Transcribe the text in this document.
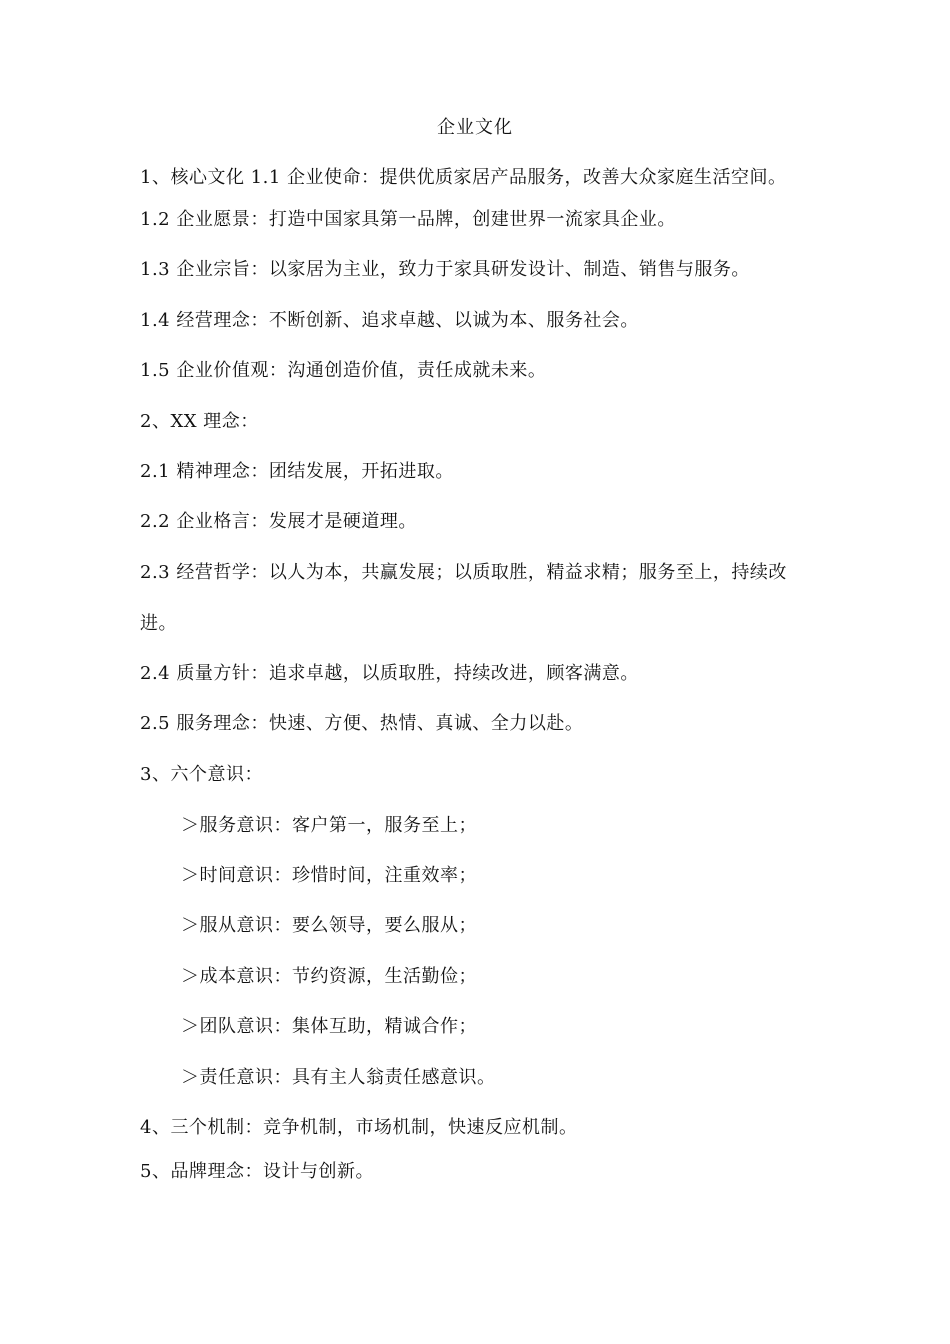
企业文化
1、核心文化 1.1 企业使命：提供优质家居产品服务，改善大众家庭生活空间。
1.2 企业愿景：打造中国家具第一品牌，创建世界一流家具企业。
1.3 企业宗旨：以家居为主业，致力于家具研发设计、制造、销售与服务。
1.4 经营理念：不断创新、追求卓越、以诚为本、服务社会。
1.5 企业价值观：沟通创造价值，责任成就未来。
2、XX 理念：
2.1 精神理念：团结发展，开拓进取。
2.2 企业格言：发展才是硬道理。
2.3 经营哲学：以人为本，共赢发展；以质取胜，精益求精；服务至上，持续改
进。
2.4 质量方针：追求卓越，以质取胜，持续改进，顾客满意。
2.5 服务理念：快速、方便、热情、真诚、全力以赴。
3、六个意识：
＞服务意识：客户第一，服务至上；
＞时间意识：珍惜时间，注重效率；
＞服从意识：要么领导，要么服从；
＞成本意识：节约资源，生活勤俭；
＞团队意识：集体互助，精诚合作；
＞责任意识：具有主人翁责任感意识。
4、三个机制：竞争机制，市场机制，快速反应机制。
5、品牌理念：设计与创新。
